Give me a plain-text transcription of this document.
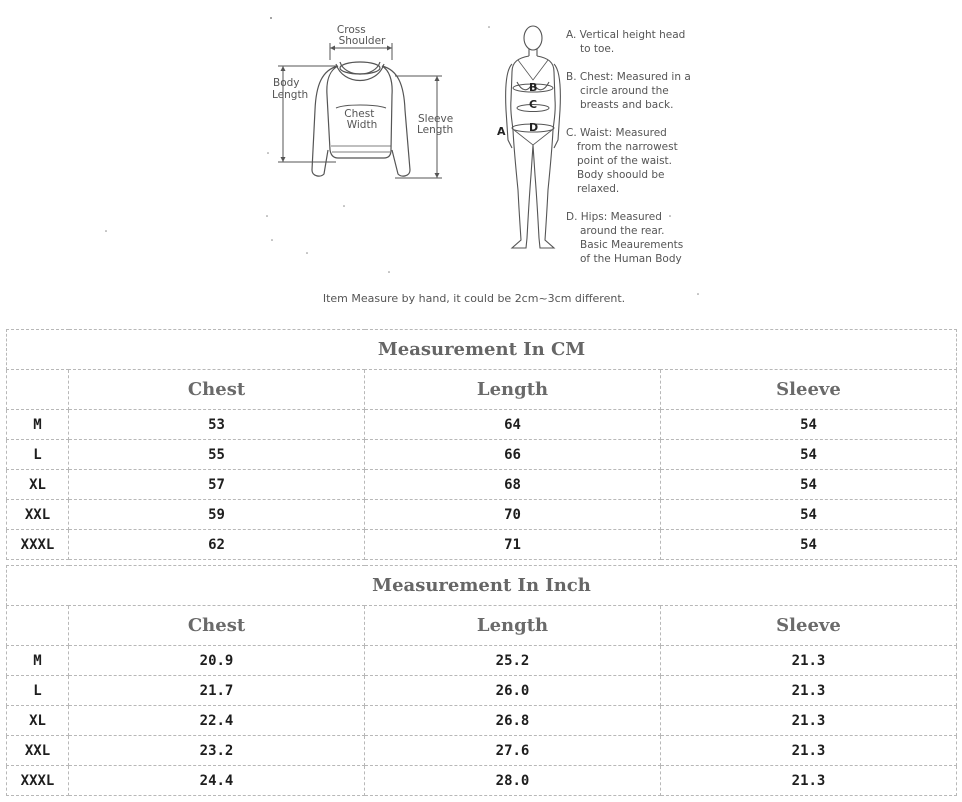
Cross Shoulder
Body Length
Chest Width	Sleeve Length	A
B
C
D
A. Vertical height head to toe.
B. Chest: Measured in a circle around the breasts and back.
C. Waist: Measured from the narrowest point of the waist. Body shoould be relaxed.
D. Hips: Measured around the rear. Basic Meaurements of the Human Body
Item Measure by hand, it could be 2cm~3cm different.
Measurement In CM			
	Chest	Length	Sleeve
M	53	64	54
L	55	66	54
XL	57	68	54
XXL	59	70	54
XXXL	62	71	54
Measurement In Inch			
	Chest	Length	Sleeve
M	20.9	25.2	21.3
L	21.7	26.0	21.3
XL	22.4	26.8	21.3
XXL	23.2	27.6	21.3
XXXL	24.4	28.0	21.3
